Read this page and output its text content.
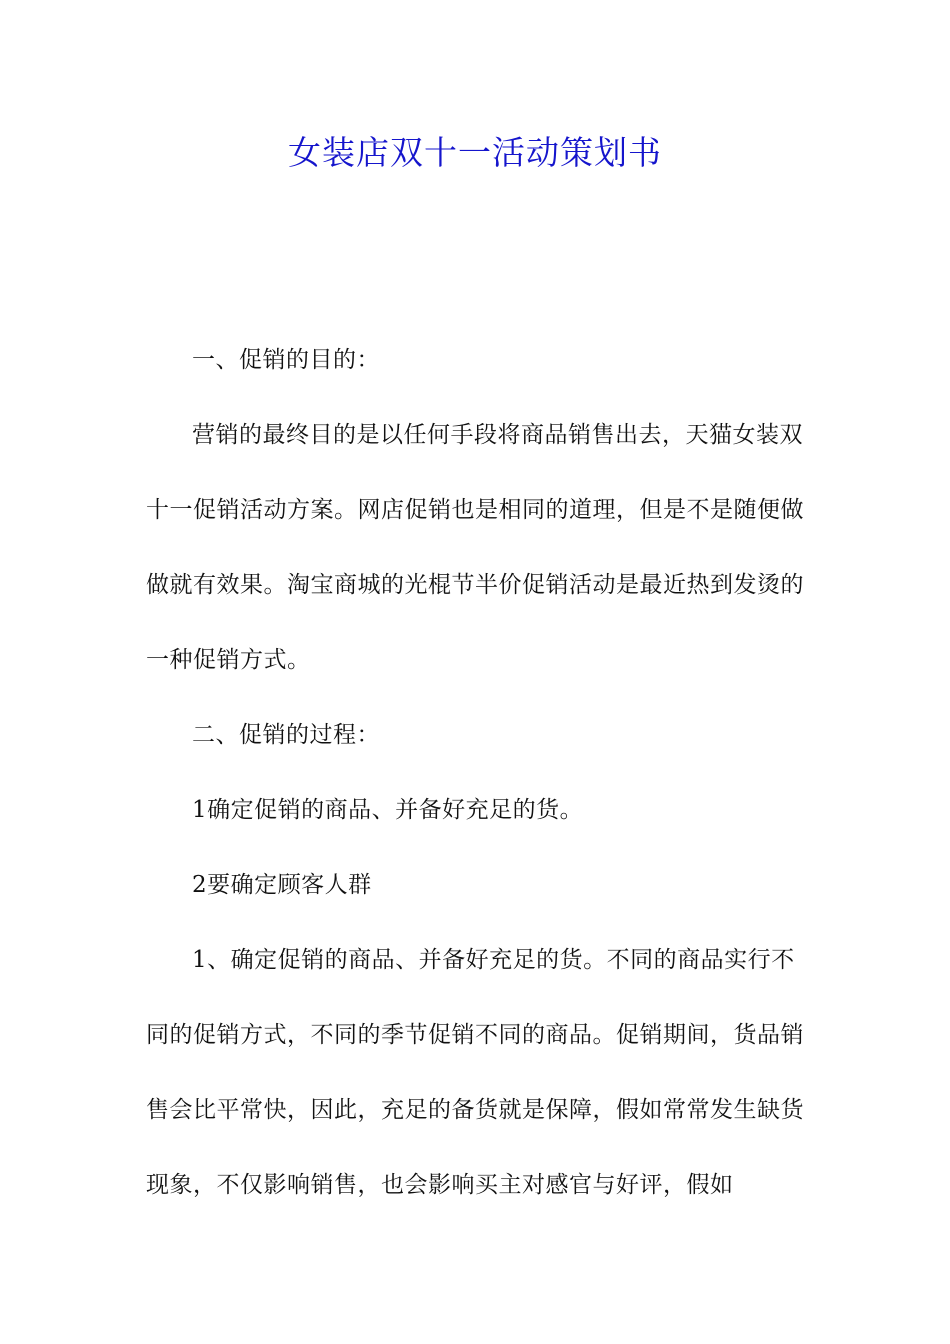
女装店双十一活动策划书

一、促销的目的：

营销的最终目的是以任何手段将商品销售出去，天猫女装双十一促销活动方案。网店促销也是相同的道理，但是不是随便做做就有效果。淘宝商城的光棍节半价促销活动是最近热到发烫的一种促销方式。

二、促销的过程：

1确定促销的商品、并备好充足的货。

2要确定顾客人群

1、确定促销的商品、并备好充足的货。不同的商品实行不同的促销方式，不同的季节促销不同的商品。促销期间，货品销售会比平常快，因此，充足的备货就是保障，假如常常发生缺货现象，不仅影响销售，也会影响买主对感官与好评，假如
